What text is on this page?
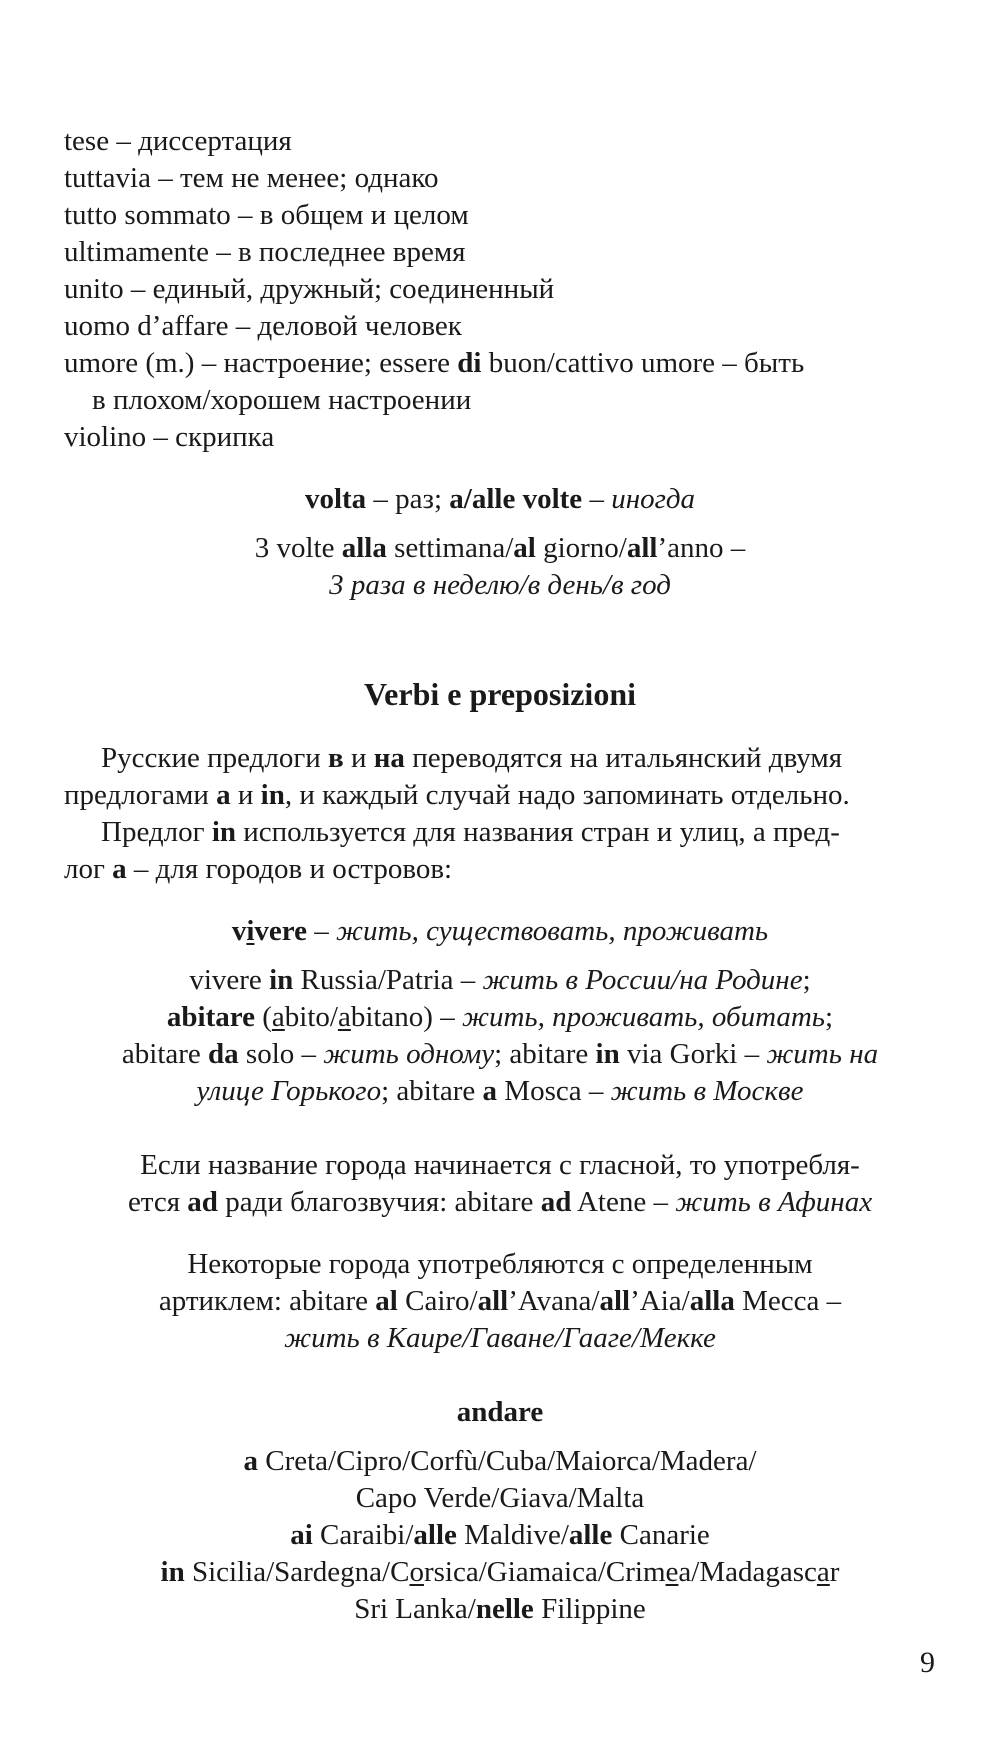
tese – диссертация
tuttavia – тем не менее; однако
tutto sommato – в общем и целом
ultimamente – в последнее время
unito – единый, дружный; соединенный
uomo d’affare – деловой человек
umore (m.) – настроение; essere di buon/cattivo umore – быть
в плохом/хорошем настроении
violino – скрипка
volta – раз; a/alle volte – иногда
3 volte alla settimana/al giorno/all’anno –
3 раза в неделю/в день/в год
Verbi e preposizioni
Русские предлоги в и на переводятся на итальянский двумя
предлогами a и in, и каждый случай надо запоминать отдельно.
Предлог in используется для названия стран и улиц, а пред-
лог а – для городов и островов:
vivere – жить, существовать, проживать
vivere in Russia/Patria – жить в России/на Родине;
abitare (abito/abitano) – жить, проживать, обитать;
abitare da solo – жить одному; abitare in via Gorki – жить на
улице Горького; abitare a Mosca – жить в Москве
Если название города начинается с гласной, то употребля-
ется ad ради благозвучия: abitare ad Atene – жить в Афинах
Некоторые города употребляются с определенным
артиклем: abitare al Cairo/all’Avana/all’Aia/alla Mecca –
жить в Каире/Гаване/Гааге/Мекке
andare
a Creta/Cipro/Corfù/Cuba/Maiorca/Madera/
Capo Verde/Giava/Malta
ai Caraibi/alle Maldive/alle Canarie
in Sicilia/Sardegna/Corsica/Giamaica/Crimea/Madagascar
Sri Lanka/nelle Filippine
9
